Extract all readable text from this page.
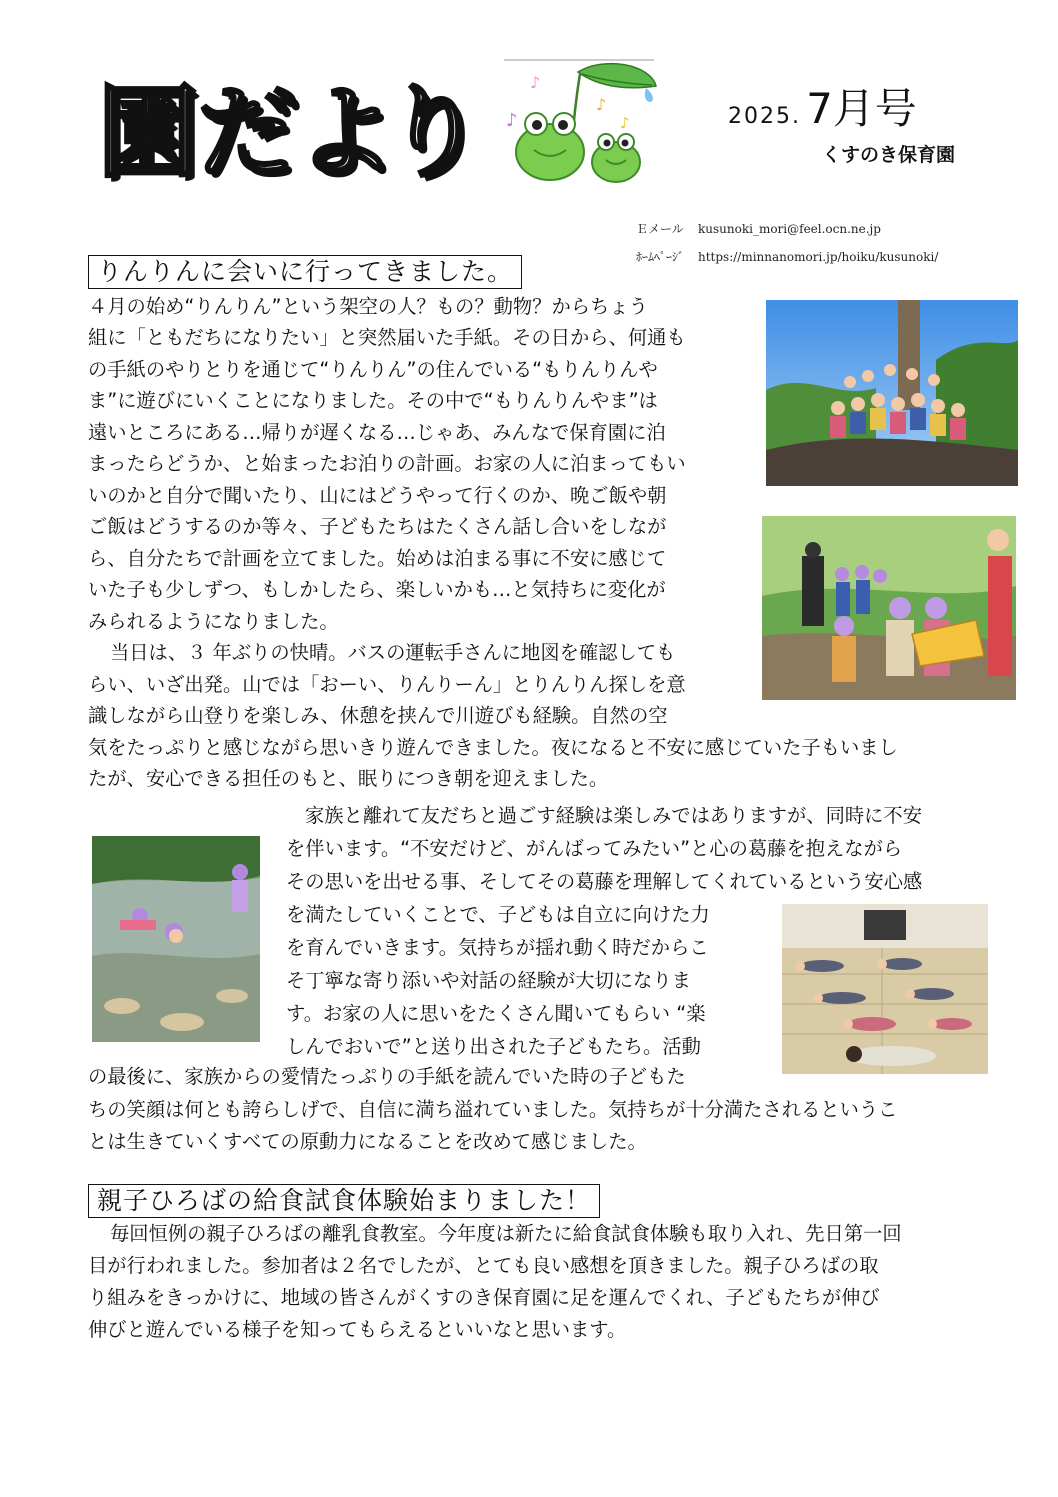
園 だ
よ
り	♪
♪
♪
♪	2025. 7月号
くすのき保育園
Ｅメール kusunoki_mori@feel.ocn.ne.jp
ﾎｰﾑﾍﾟｰｼﾞ https://minnanomori.jp/hoiku/kusunoki/
りんりんに会いに行ってきました。
４月の始め“りんりん”という架空の人？もの？動物？からちょう
組に「ともだちになりたい」と突然届いた手紙。その日から、何通も
の手紙のやりとりを通じて“りんりん”の住んでいる“もりんりんや
ま”に遊びにいくことになりました。その中で“もりんりんやま”は
遠いところにある…帰りが遅くなる…じゃあ、みんなで保育園に泊
まったらどうか、と始まったお泊りの計画。お家の人に泊まってもい
いのかと自分で聞いたり、山にはどうやって行くのか、晩ご飯や朝
ご飯はどうするのか等々、子どもたちはたくさん話し合いをしなが
ら、自分たちで計画を立てました。始めは泊まる事に不安に感じて
いた子も少しずつ、もしかしたら、楽しいかも…と気持ちに変化が
みられるようになりました。
当日は、３ 年ぶりの快晴。バスの運転手さんに地図を確認しても
らい、いざ出発。山では「おーい、りんりーん」とりんりん探しを意
識しながら山登りを楽しみ、休憩を挟んで川遊びも経験。自然の空
気をたっぷりと感じながら思いきり遊んできました。夜になると不安に感じていた子もいまし
たが、安心できる担任のもと、眠りにつき朝を迎えました。
家族と離れて友だちと過ごす経験は楽しみではありますが、同時に不安
を伴います。“不安だけど、がんばってみたい”と心の葛藤を抱えながら
その思いを出せる事、そしてその葛藤を理解してくれているという安心感
を満たしていくことで、子どもは自立に向けた力
を育んでいきます。気持ちが揺れ動く時だからこ
そ丁寧な寄り添いや対話の経験が大切になりま
す。お家の人に思いをたくさん聞いてもらい “楽
しんでおいで”と送り出された子どもたち。活動
の最後に、家族からの愛情たっぷりの手紙を読んでいた時の子どもた
ちの笑顔は何とも誇らしげで、自信に満ち溢れていました。気持ちが十分満たされるというこ
とは生きていくすべての原動力になることを改めて感じました。
親子ひろばの給食試食体験始まりました！
毎回恒例の親子ひろばの離乳食教室。今年度は新たに給食試食体験も取り入れ、先日第一回
目が行われました。参加者は２名でしたが、とても良い感想を頂きました。親子ひろばの取
り組みをきっかけに、地域の皆さんがくすのき保育園に足を運んでくれ、子どもたちが伸び
伸びと遊んでいる様子を知ってもらえるといいなと思います。
